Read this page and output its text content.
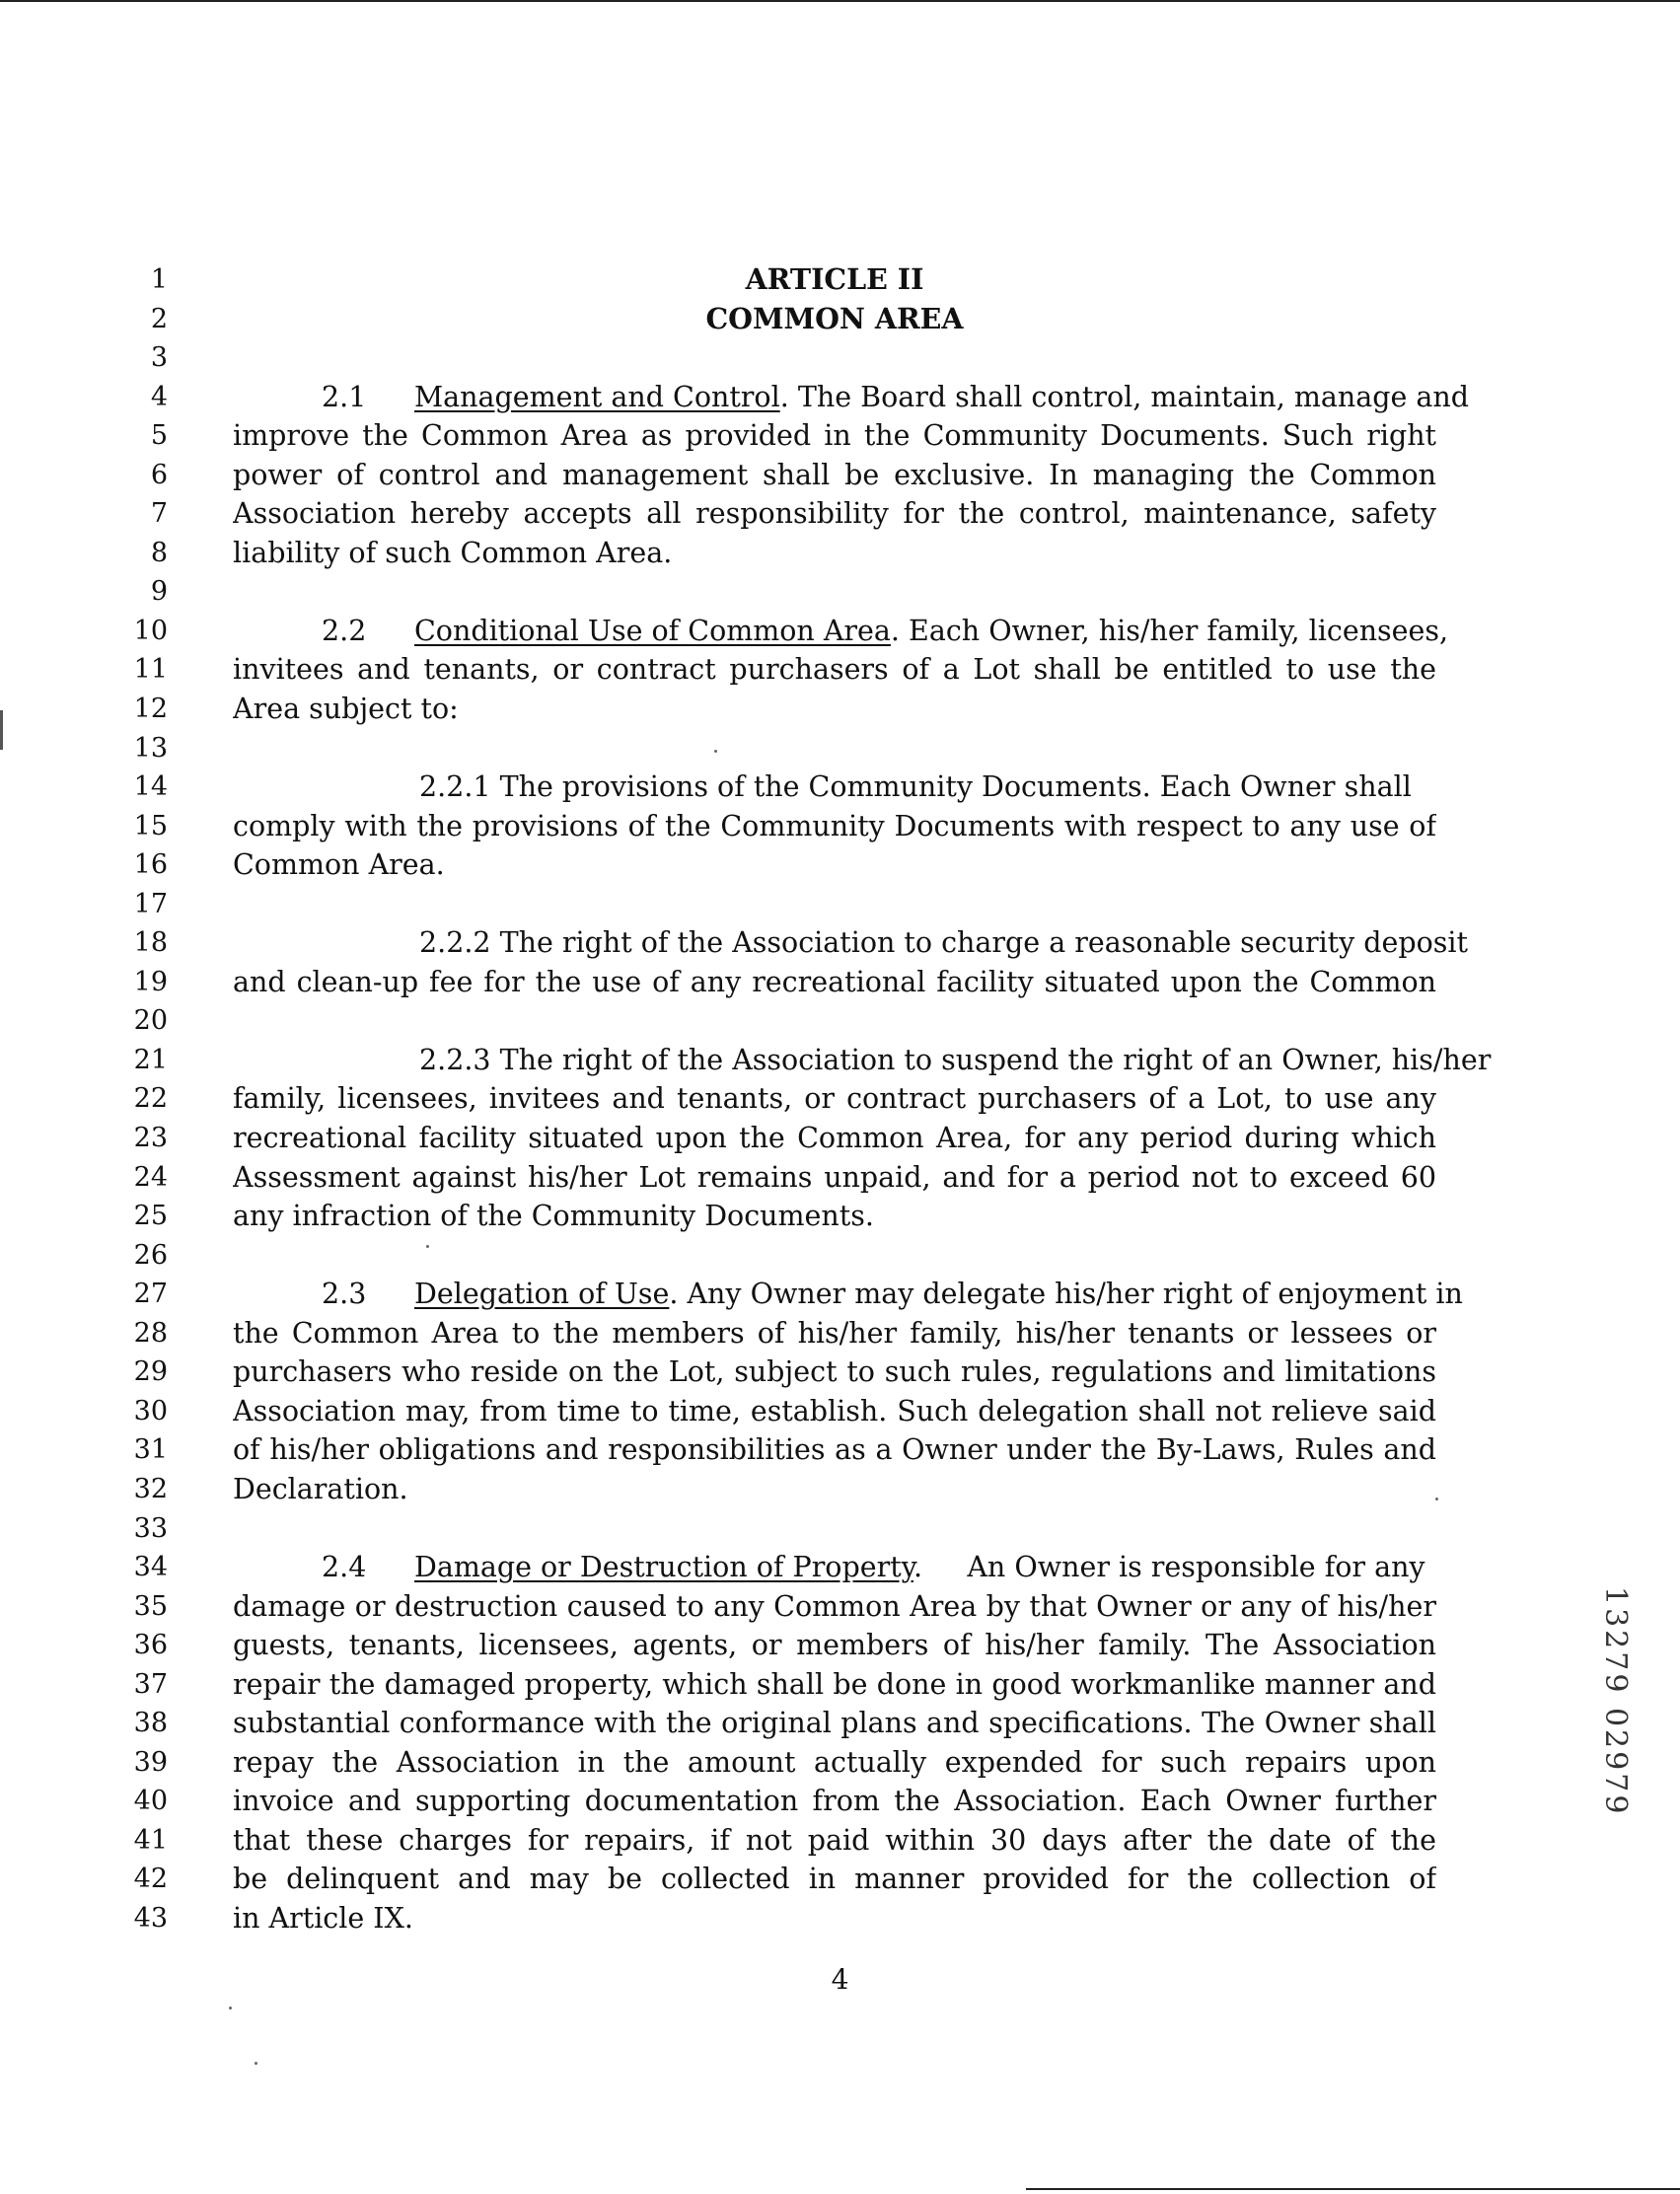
1
2
3
4
5
6
7
8
9
10
11
12
13
14
15
16
17
18
19
20
21
22
23
24
25
26
27
28
29
30
31
32
33
34
35
36
37
38
39
40
41
42
43
ARTICLE II
COMMON AREA
2.1 Management and Control. The Board shall control, maintain, manage and
improve the Common Area as provided in the Community Documents. Such right
power of control and management shall be exclusive. In managing the Common
Association hereby accepts all responsibility for the control, maintenance, safety
liability of such Common Area.
2.2 Conditional Use of Common Area. Each Owner, his/her family, licensees,
invitees and tenants, or contract purchasers of a Lot shall be entitled to use the
Area subject to:
2.2.1 The provisions of the Community Documents. Each Owner shall
comply with the provisions of the Community Documents with respect to any use of
Common Area.
2.2.2 The right of the Association to charge a reasonable security deposit
and clean-up fee for the use of any recreational facility situated upon the Common
2.2.3 The right of the Association to suspend the right of an Owner, his/her
family, licensees, invitees and tenants, or contract purchasers of a Lot, to use any
recreational facility situated upon the Common Area, for any period during which
Assessment against his/her Lot remains unpaid, and for a period not to exceed 60
any infraction of the Community Documents.
2.3 Delegation of Use. Any Owner may delegate his/her right of enjoyment in
the Common Area to the members of his/her family, his/her tenants or lessees or
purchasers who reside on the Lot, subject to such rules, regulations and limitations
Association may, from time to time, establish. Such delegation shall not relieve said
of his/her obligations and responsibilities as a Owner under the By-Laws, Rules and
Declaration.
2.4 Damage or Destruction of Property.     An Owner is responsible for any
damage or destruction caused to any Common Area by that Owner or any of his/her
guests, tenants, licensees, agents, or members of his/her family. The Association
repair the damaged property, which shall be done in good workmanlike manner and
substantial conformance with the original plans and specifications. The Owner shall
repay the Association in the amount actually expended for such repairs upon
invoice and supporting documentation from the Association. Each Owner further
that these charges for repairs, if not paid within 30 days after the date of the
be delinquent and may be collected in manner provided for the collection of
in Article IX.
4
13279 02979
